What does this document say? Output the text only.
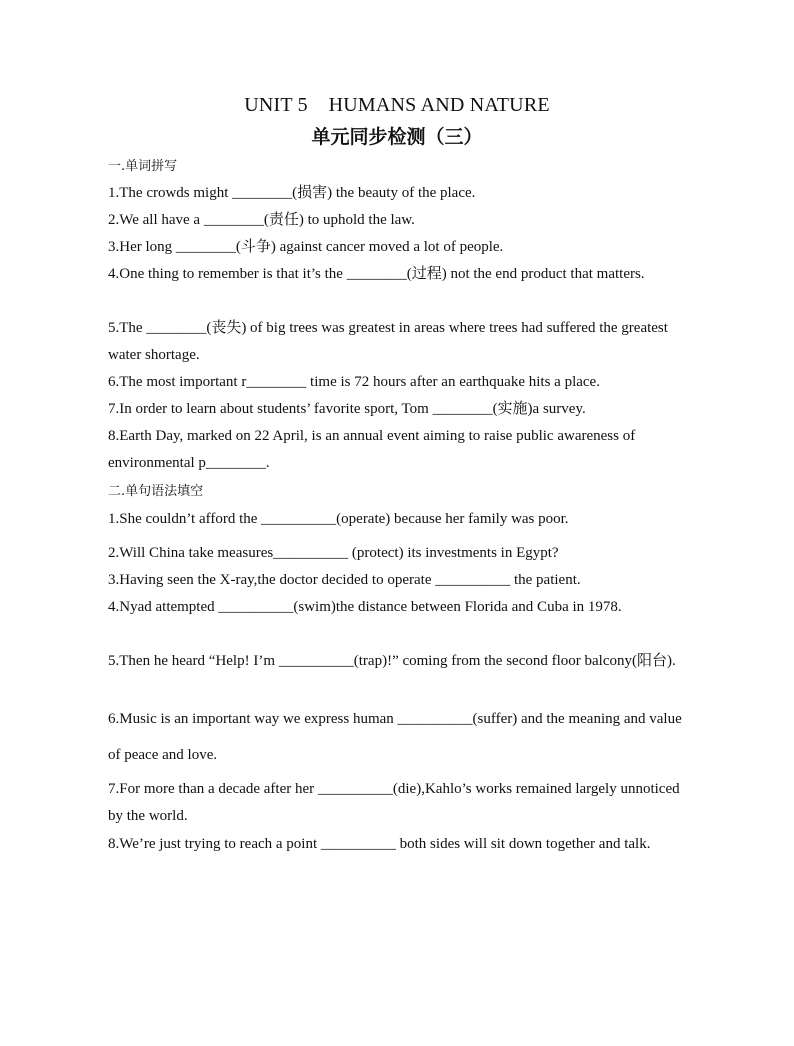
UNIT 5    HUMANS AND NATURE
单元同步检测（三）
一.单词拼写
1.The crowds might ________(损害) the beauty of the place.
2.We all have a ________(责任) to uphold the law.
3.Her long ________(斗争) against cancer moved a lot of people.
4.One thing to remember is that it’s the ________(过程) not the end product that matters.
5.The ________(丧失) of big trees was greatest in areas where trees had suffered the greatest water shortage.
6.The most important r________ time is 72 hours after an earthquake hits a place.
7.In order to learn about students’ favorite sport, Tom ________(实施)a survey.
8.Earth Day, marked on 22 April, is an annual event aiming to raise public awareness of environmental p________.
二.单句语法填空
1.She couldn’t afford the __________(operate) because her family was poor.
2.Will China take measures__________ (protect) its investments in Egypt?
3.Having seen the X-ray,the doctor decided to operate __________ the patient.
4.Nyad attempted __________(swim)the distance between Florida and Cuba in 1978.
5.Then he heard “Help! I’m __________(trap)!” coming from the second floor balcony(阳台).
6.Music is an important way we express human __________(suffer) and the meaning and value of peace and love.
7.For more than a decade after her __________(die),Kahlo’s works remained largely unnoticed by the world.
8.We’re just trying to reach a point __________ both sides will sit down together and talk.
